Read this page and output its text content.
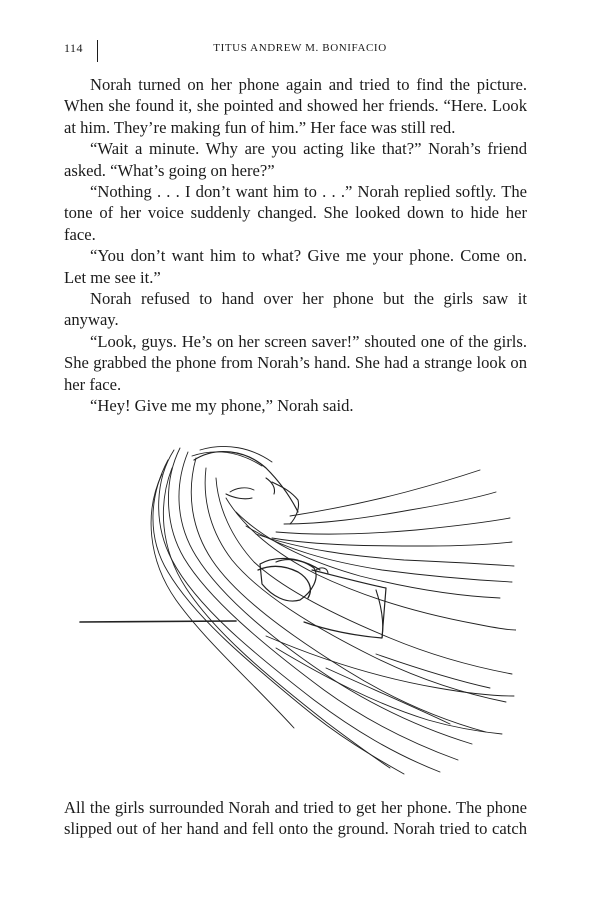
114	TITUS ANDREW M. BONIFACIO

Norah turned on her phone again and tried to find the picture. When she found it, she pointed and showed her friends. “Here. Look at him. They’re making fun of him.” Her face was still red.

“Wait a minute. Why are you acting like that?” Norah’s friend asked. “What’s going on here?”

“Nothing . . . I don’t want him to . . .” Norah replied softly. The tone of her voice suddenly changed. She looked down to hide her face.

“You don’t want him to what? Give me your phone. Come on. Let me see it.”

Norah refused to hand over her phone but the girls saw it anyway.

“Look, guys. He’s on her screen saver!” shouted one of the girls. She grabbed the phone from Norah’s hand. She had a strange look on her face.

“Hey! Give me my phone,” Norah said.

All the girls surrounded Norah and tried to get her phone. The phone slipped out of her hand and fell onto the ground. Norah tried to catch
